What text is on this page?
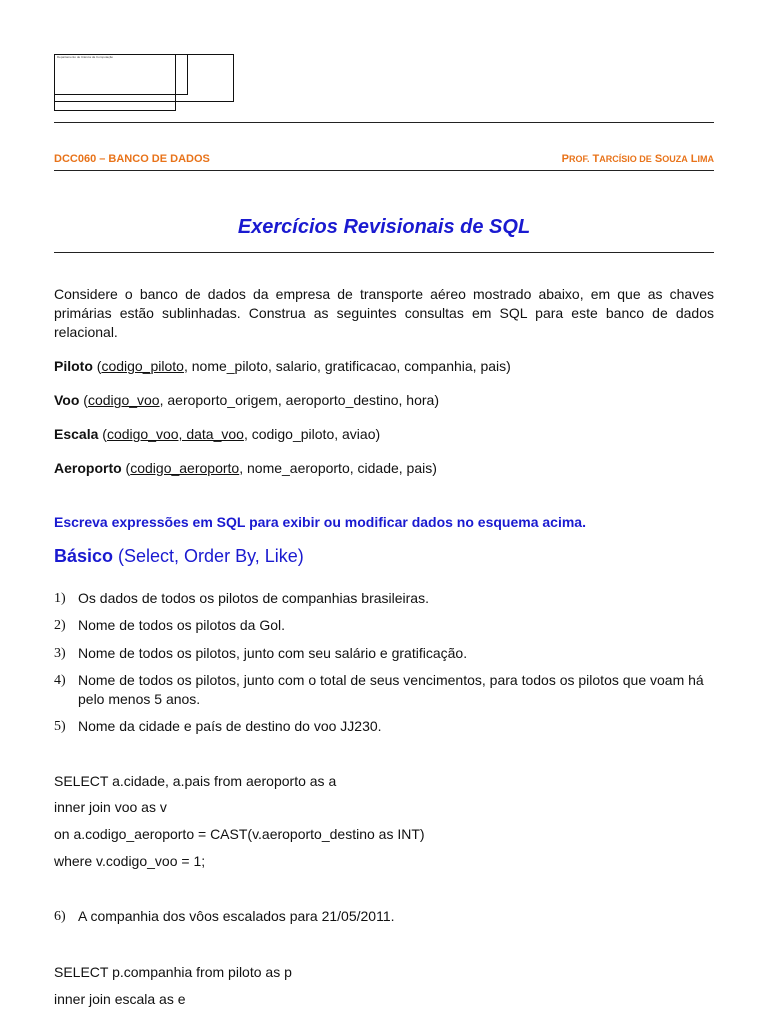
Departamento de Ciência da Computação
DCC060 – BANCO DE DADOS	PROF. TARCÍSIO DE SOUZA LIMA
Exercícios Revisionais de SQL
Considere o banco de dados da empresa de transporte aéreo mostrado abaixo, em que as chaves primárias estão sublinhadas. Construa as seguintes consultas em SQL para este banco de dados relacional.
Piloto (codigo_piloto, nome_piloto, salario, gratificacao, companhia, pais)
Voo (codigo_voo, aeroporto_origem, aeroporto_destino, hora)
Escala (codigo_voo, data_voo, codigo_piloto, aviao)
Aeroporto (codigo_aeroporto, nome_aeroporto, cidade, pais)
Escreva expressões em SQL para exibir ou modificar dados no esquema acima.
Básico (Select, Order By, Like)
1) Os dados de todos os pilotos de companhias brasileiras.
2) Nome de todos os pilotos da Gol.
3) Nome de todos os pilotos, junto com seu salário e gratificação.
4) Nome de todos os pilotos, junto com o total de seus vencimentos, para todos os pilotos que voam há pelo menos 5 anos.
5) Nome da cidade e país de destino do voo JJ230.
SELECT a.cidade, a.pais from aeroporto as a
inner join voo as v
on a.codigo_aeroporto = CAST(v.aeroporto_destino as INT)
where v.codigo_voo = 1;
6) A companhia dos vôos escalados para 21/05/2011.
SELECT p.companhia from piloto as p
inner join escala as e
